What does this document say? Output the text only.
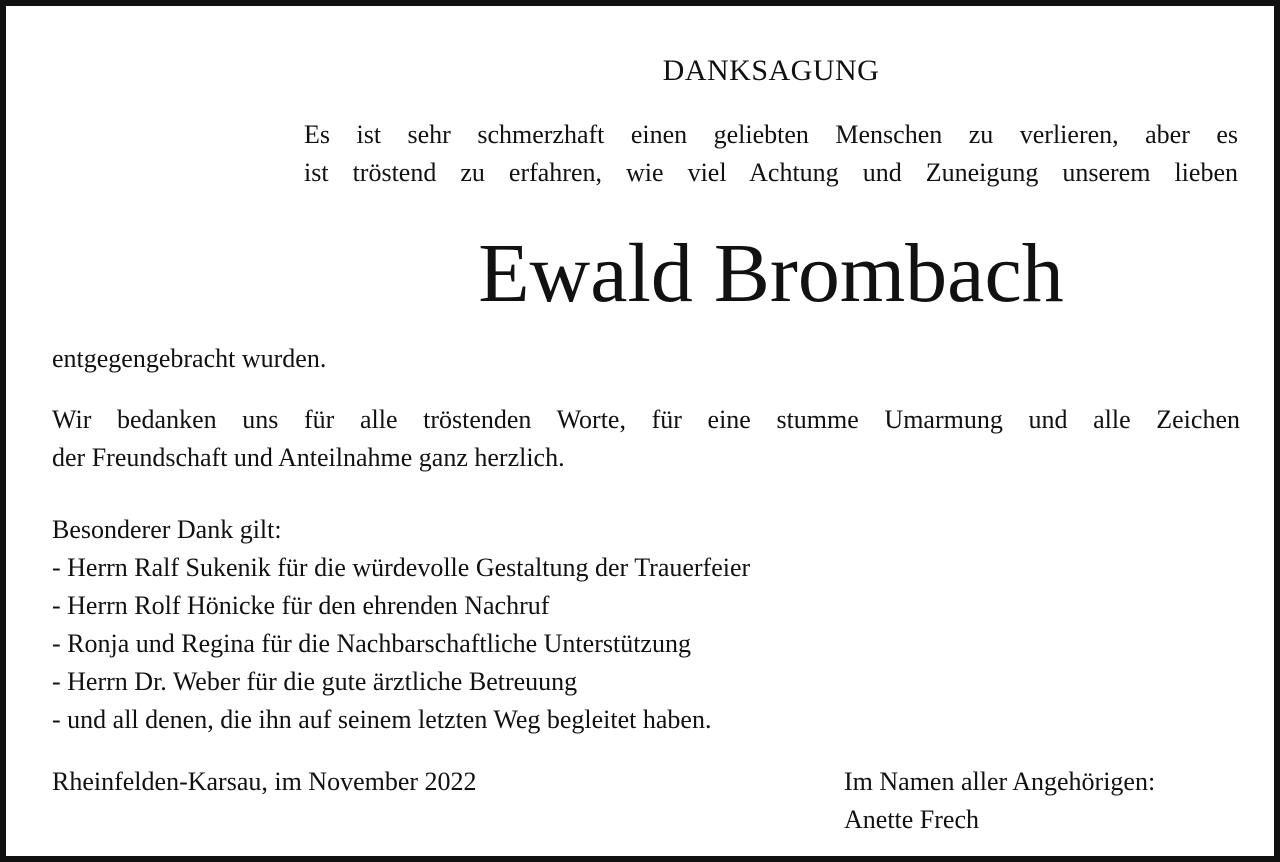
DANKSAGUNG
Es ist sehr schmerzhaft einen geliebten Menschen zu verlieren, aber es
ist tröstend zu erfahren, wie viel Achtung und Zuneigung unserem lieben
Ewald Brombach
entgegengebracht wurden.
Wir bedanken uns für alle tröstenden Worte, für eine stumme Umarmung und alle Zeichen
der Freundschaft und Anteilnahme ganz herzlich.
Besonderer Dank gilt:
- Herrn Ralf Sukenik für die würdevolle Gestaltung der Trauerfeier
- Herrn Rolf Hönicke für den ehrenden Nachruf
- Ronja und Regina für die Nachbarschaftliche Unterstützung
- Herrn Dr. Weber für die gute ärztliche Betreuung
- und all denen, die ihn auf seinem letzten Weg begleitet haben.
Rheinfelden-Karsau, im November 2022	Im Namen aller Angehörigen:
Anette Frech
